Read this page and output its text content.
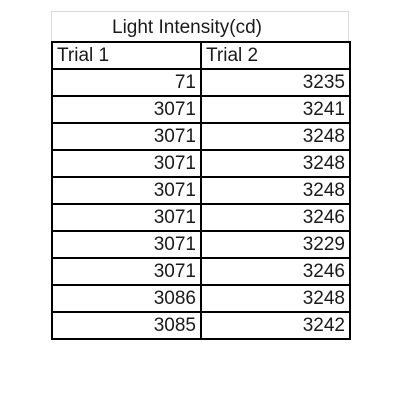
Light Intensity(cd)
Trial 1	Trial 2
71	3235
3071	3241
3071	3248
3071	3248
3071	3248
3071	3246
3071	3229
3071	3246
3086	3248
3085	3242
